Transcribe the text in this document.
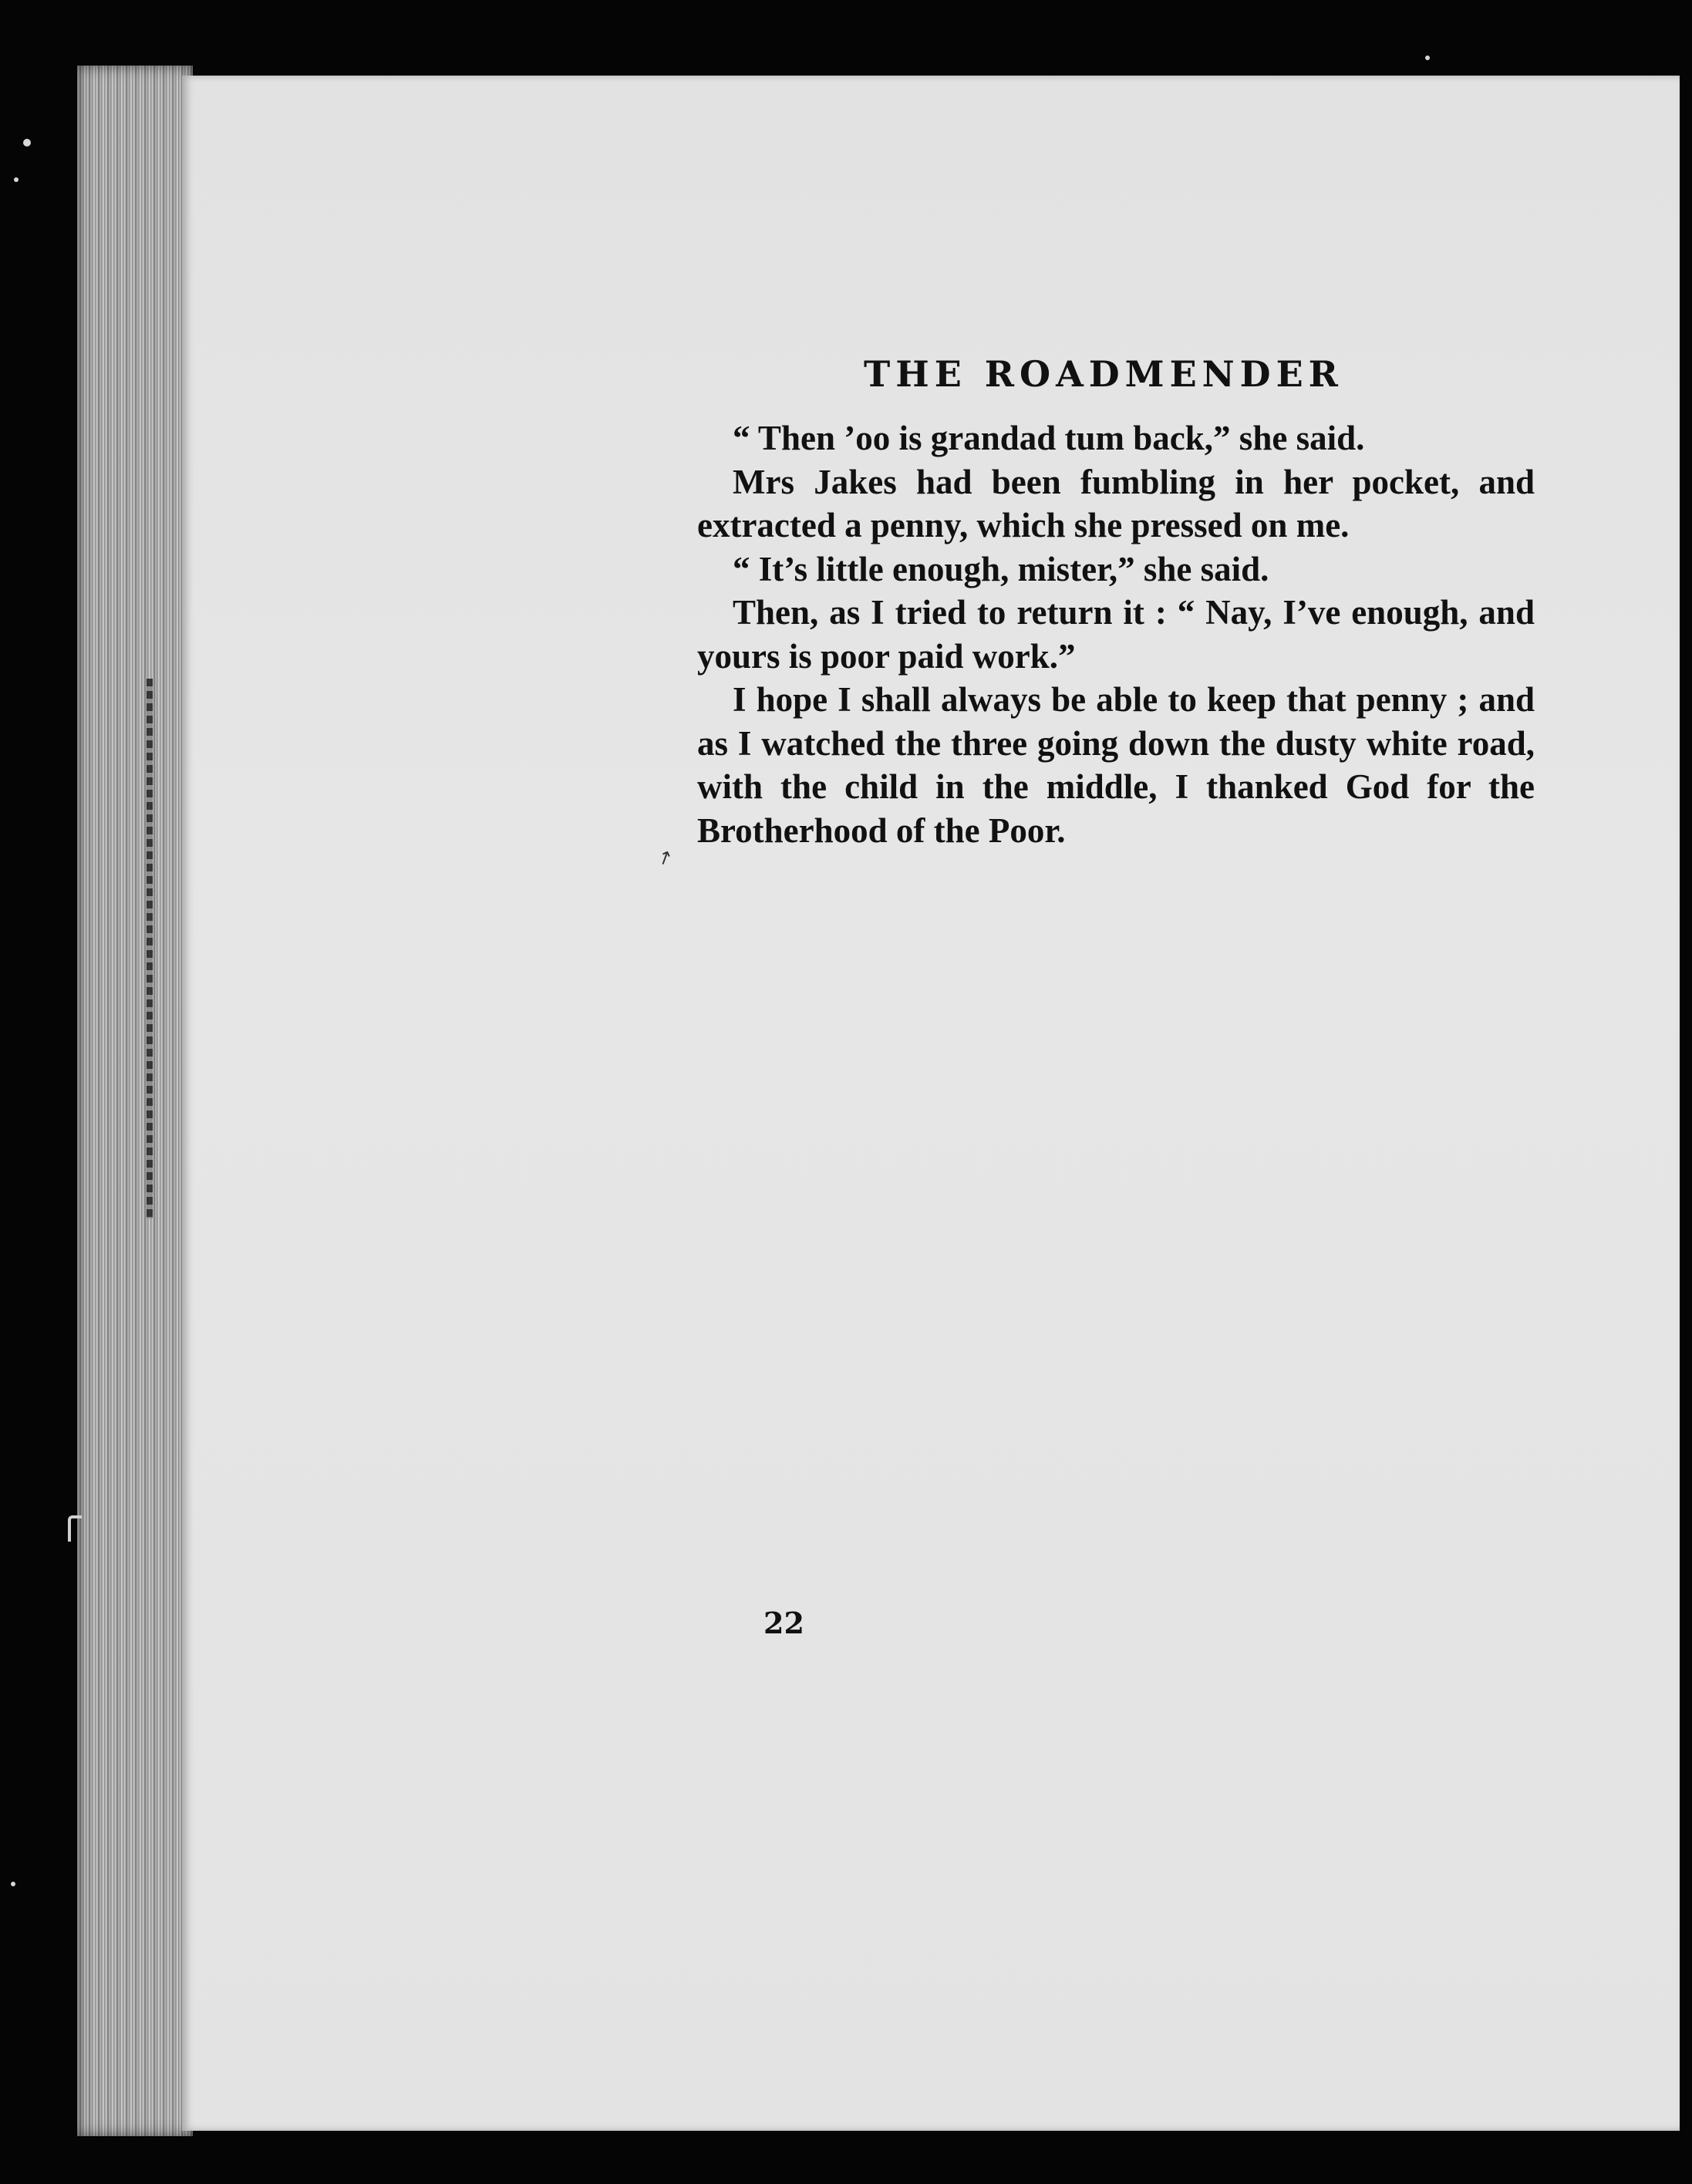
THE ROADMENDER

“ Then ’oo is grandad tum back,” she said.

Mrs Jakes had been fumbling in her pocket, and extracted a penny, which she pressed on me.

“ It’s little enough, mister,” she said.

Then, as I tried to return it : “ Nay, I’ve enough, and yours is poor paid work.”

I hope I shall always be able to keep that penny ; and as I watched the three going down the dusty white road, with the child in the middle, I thanked God for the Brotherhood of the Poor.

↗
22
